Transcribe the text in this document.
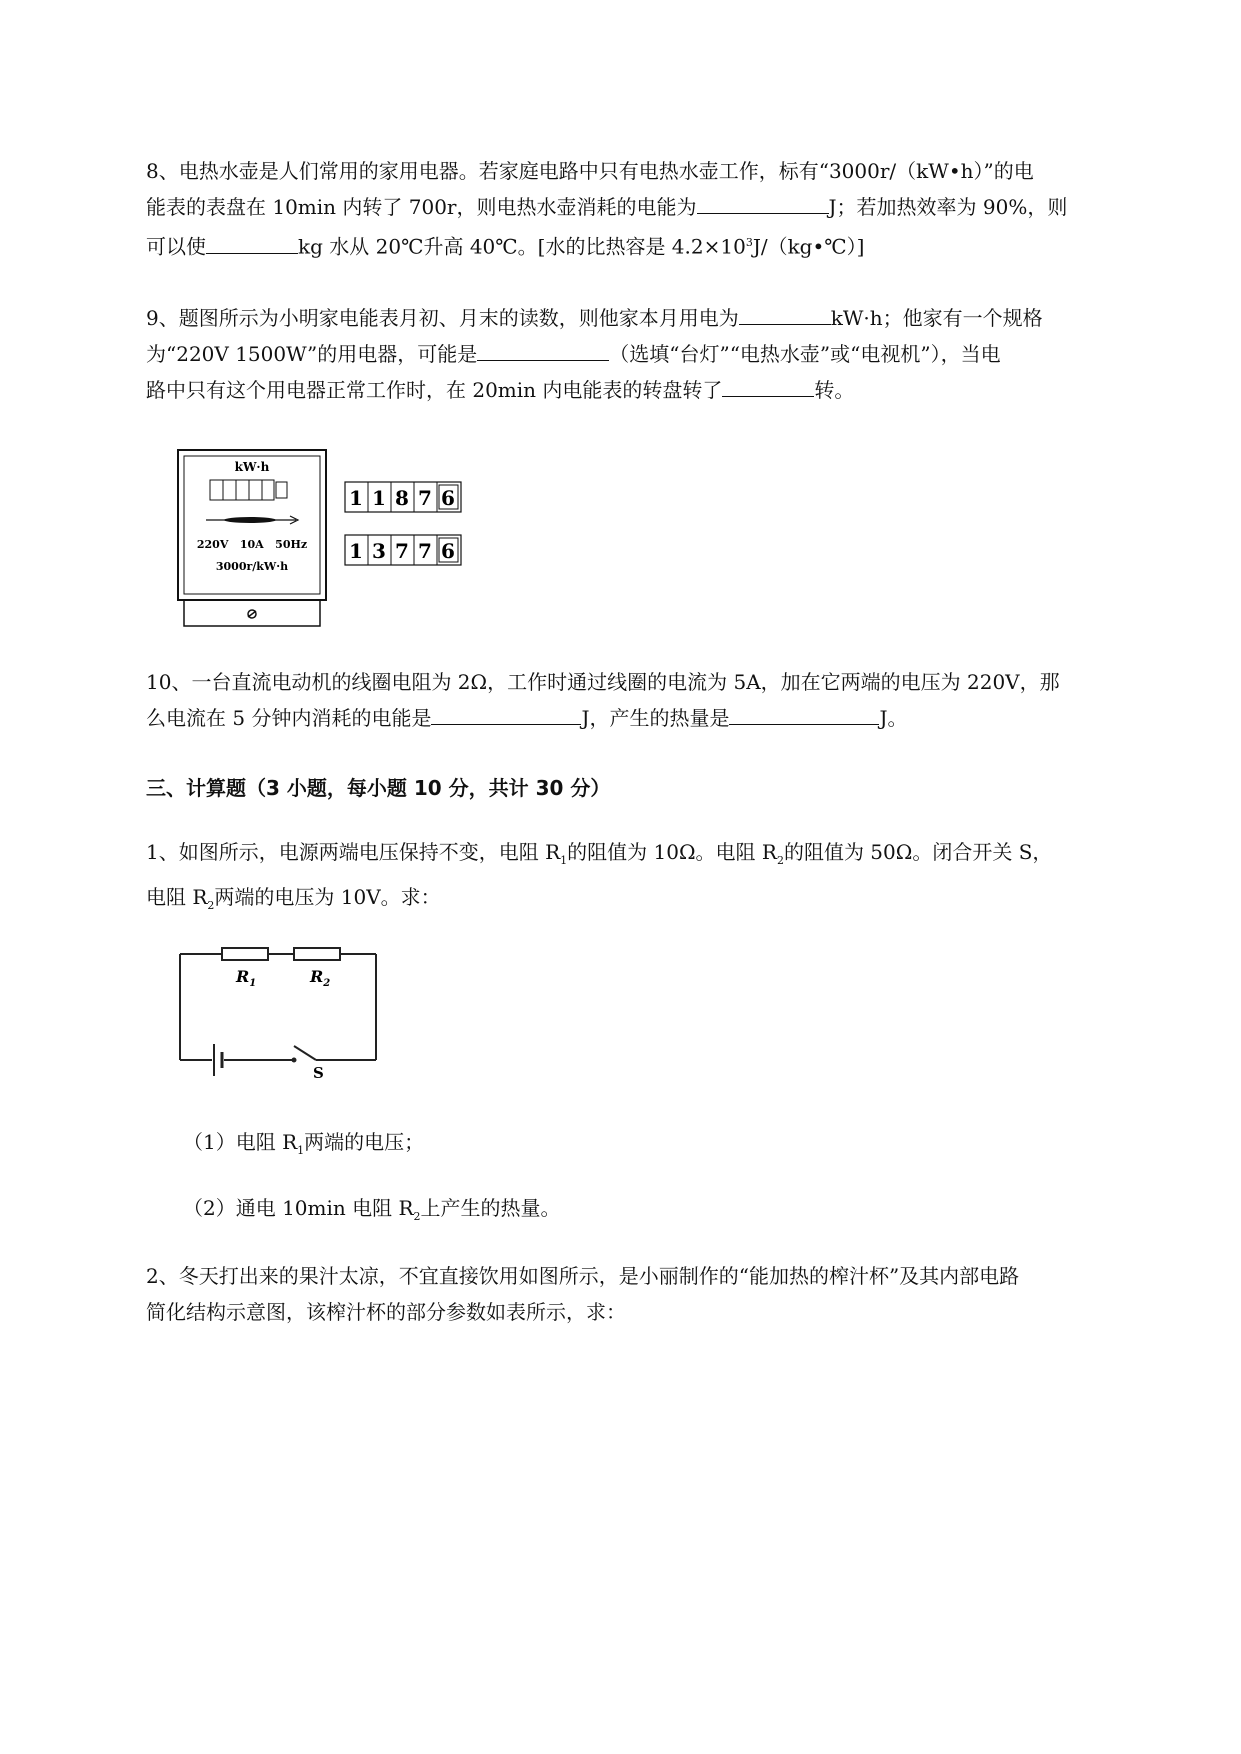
8、电热水壶是人们常用的家用电器。若家庭电路中只有电热水壶工作，标有“3000r/（kW•h）”的电
能表的表盘在 10min 内转了 700r，则电热水壶消耗的电能为	J；若加热效率为 90%，则
可以使	kg 水从 20℃升高 40℃。[水的比热容是 $4.2\times 10^3J/(kg•℃)$]
9、题图所示为小明家电能表月初、月末的读数，则他家本月用电为	kW·h；他家有一个规格
为“220V 1500W”的用电器，可能是	（选填“台灯”“电热水壶”或“电视机”），当电
路中只有这个用电器正常工作时，在 20min 内电能表的转盘转了	转。
kW·h
220V   10A   50Hz
3000r/kW·h
1 1 8 7 6
1 3 7 7 6
10、一台直流电动机的线圈电阻为 2Ω，工作时通过线圈的电流为 5A，加在它两端的电压为 220V，那
么电流在 5 分钟内消耗的电能是	J，产生的热量是	J。
三、计算题（3 小题，每小题 10 分，共计 30 分）
1、如图所示，电源两端电压保持不变，电阻 $R_1$的阻值为 10Ω。电阻 $R_2$的阻值为 50Ω。闭合开关 S，
电阻 $R_2$两端的电压为 10V。求：
$R_1$	$R_2$
S
（1）电阻 $R_1$两端的电压；
（2）通电 10min 电阻 $R_2$上产生的热量。
2、冬天打出来的果汁太凉，不宜直接饮用如图所示，是小丽制作的“能加热的榨汁杯”及其内部电路
简化结构示意图，该榨汁杯的部分参数如表所示，求：
